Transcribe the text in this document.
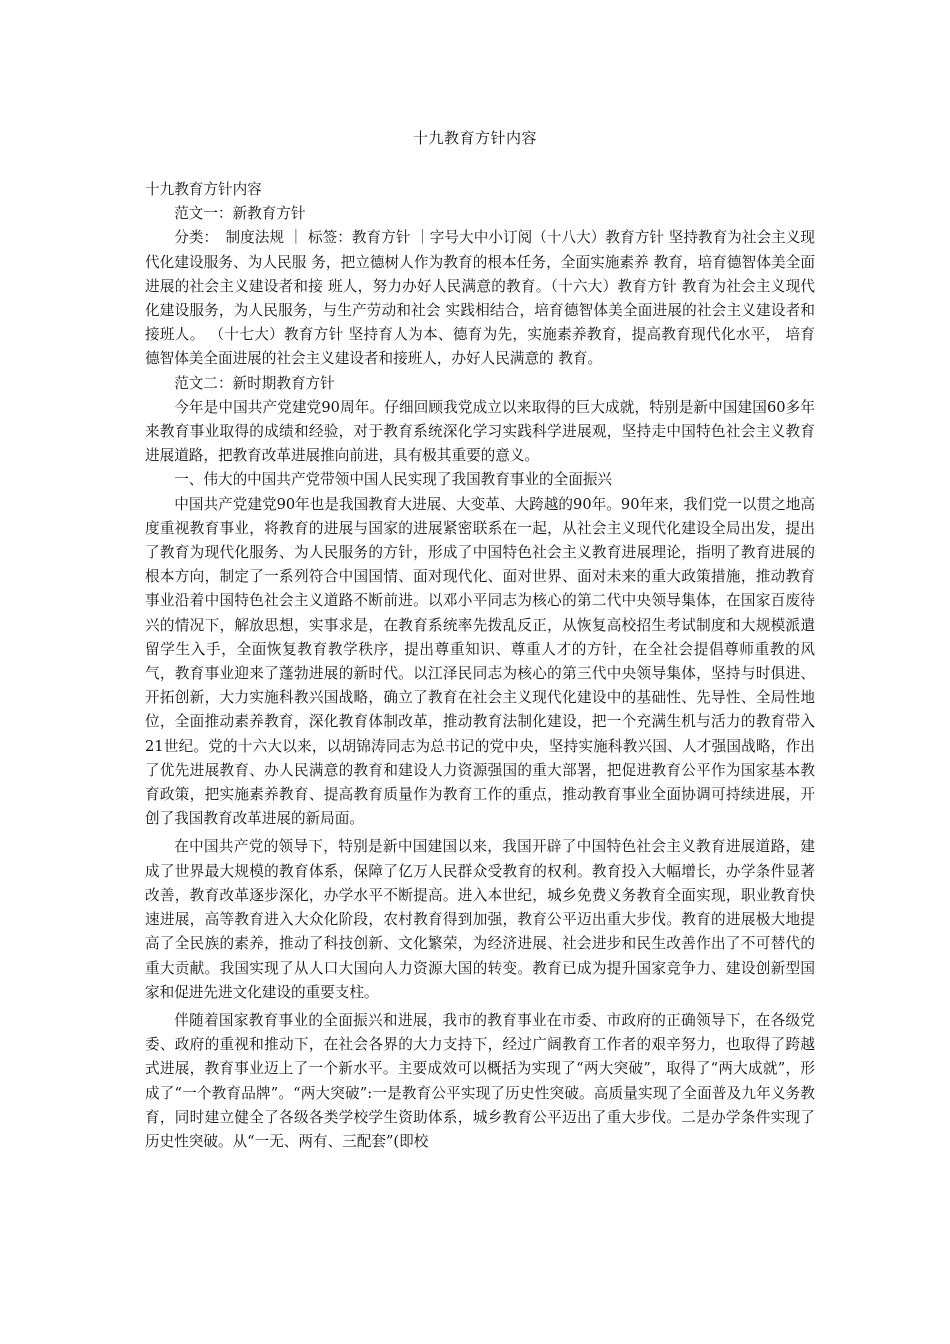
十九教育方针内容

十九教育方针内容

范文一：新教育方针

分类：　制度法规 ｜ 标签：教育方针 ｜字号大中小订阅（十八大）教育方针 坚持教育为社会主义现代化建设服务、为人民服 务，把立德树人作为教育的根本任务，全面实施素养 教育，培育德智体美全面进展的社会主义建设者和接 班人，努力办好人民满意的教育。（十六大）教育方针 教育为社会主义现代化建设服务，为人民服务，与生产劳动和社会 实践相结合，培育德智体美全面进展的社会主义建设者和接班人。 （十七大）教育方针 坚持育人为本、德育为先，实施素养教育，提高教育现代化水平， 培育德智体美全面进展的社会主义建设者和接班人，办好人民满意的 教育。

范文二：新时期教育方针

今年是中国共产党建党90周年。仔细回顾我党成立以来取得的巨大成就，特别是新中国建国60多年来教育事业取得的成绩和经验，对于教育系统深化学习实践科学进展观，坚持走中国特色社会主义教育进展道路，把教育改革进展推向前进，具有极其重要的意义。

一、伟大的中国共产党带领中国人民实现了我国教育事业的全面振兴

中国共产党建党90年也是我国教育大进展、大变革、大跨越的90年。90年来，我们党一以贯之地高度重视教育事业，将教育的进展与国家的进展紧密联系在一起，从社会主义现代化建设全局出发，提出了教育为现代化服务、为人民服务的方针，形成了中国特色社会主义教育进展理论，指明了教育进展的根本方向，制定了一系列符合中国国情、面对现代化、面对世界、面对未来的重大政策措施，推动教育事业沿着中国特色社会主义道路不断前进。以邓小平同志为核心的第二代中央领导集体，在国家百废待兴的情况下，解放思想，实事求是，在教育系统率先拨乱反正，从恢复高校招生考试制度和大规模派遣留学生入手，全面恢复教育教学秩序，提出尊重知识、尊重人才的方针，在全社会提倡尊师重教的风气，教育事业迎来了蓬勃进展的新时代。以江泽民同志为核心的第三代中央领导集体，坚持与时俱进、开拓创新，大力实施科教兴国战略，确立了教育在社会主义现代化建设中的基础性、先导性、全局性地位，全面推动素养教育，深化教育体制改革，推动教育法制化建设，把一个充满生机与活力的教育带入21世纪。党的十六大以来，以胡锦涛同志为总书记的党中央，坚持实施科教兴国、人才强国战略，作出了优先进展教育、办人民满意的教育和建设人力资源强国的重大部署，把促进教育公平作为国家基本教育政策，把实施素养教育、提高教育质量作为教育工作的重点，推动教育事业全面协调可持续进展，开创了我国教育改革进展的新局面。

在中国共产党的领导下，特别是新中国建国以来，我国开辟了中国特色社会主义教育进展道路，建成了世界最大规模的教育体系，保障了亿万人民群众受教育的权利。教育投入大幅增长，办学条件显著改善，教育改革逐步深化，办学水平不断提高。进入本世纪，城乡免费义务教育全面实现，职业教育快速进展，高等教育进入大众化阶段，农村教育得到加强，教育公平迈出重大步伐。教育的进展极大地提高了全民族的素养，推动了科技创新、文化繁荣，为经济进展、社会进步和民生改善作出了不可替代的重大贡献。我国实现了从人口大国向人力资源大国的转变。教育已成为提升国家竞争力、建设创新型国家和促进先进文化建设的重要支柱。

伴随着国家教育事业的全面振兴和进展，我市的教育事业在市委、市政府的正确领导下，在各级党委、政府的重视和推动下，在社会各界的大力支持下，经过广阔教育工作者的艰辛努力，也取得了跨越式进展，教育事业迈上了一个新水平。主要成效可以概括为实现了“两大突破”，取得了“两大成就”，形成了“一个教育品牌”。“两大突破”:一是教育公平实现了历史性突破。高质量实现了全面普及九年义务教育，同时建立健全了各级各类学校学生资助体系，城乡教育公平迈出了重大步伐。二是办学条件实现了历史性突破。从“一无、两有、三配套”(即校
